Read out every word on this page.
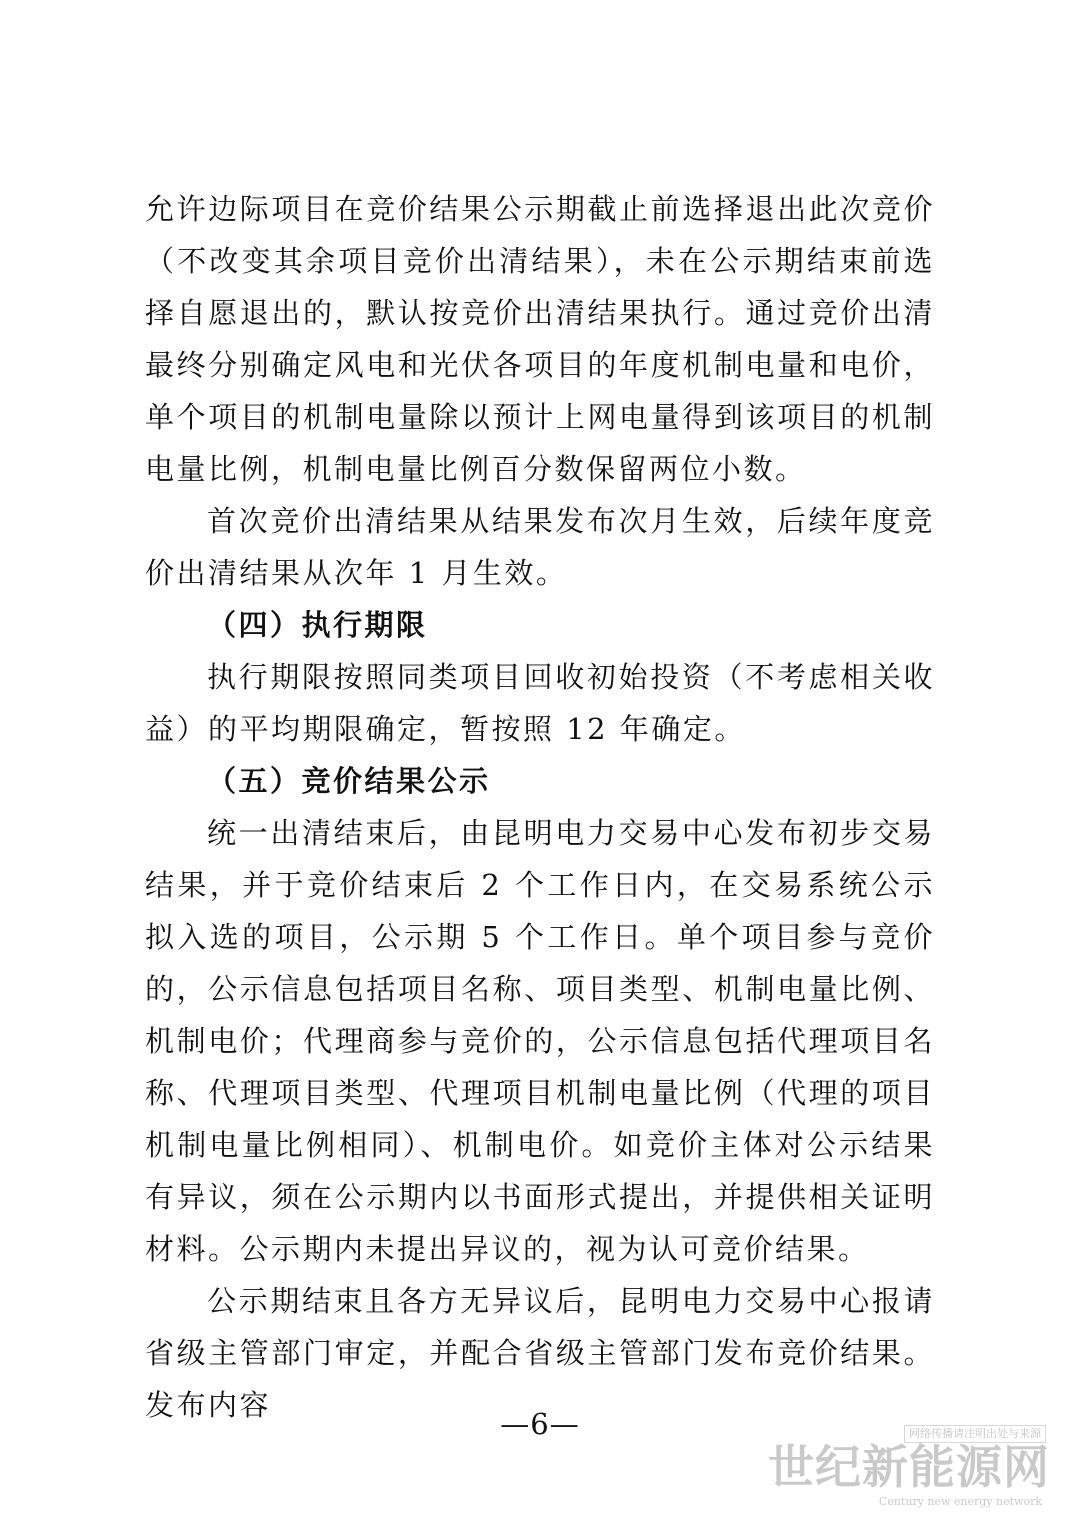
允许边际项目在竞价结果公示期截止前选择退出此次竞价（不改变其余项目竞价出清结果），未在公示期结束前选择自愿退出的，默认按竞价出清结果执行。通过竞价出清最终分别确定风电和光伏各项目的年度机制电量和电价，单个项目的机制电量除以预计上网电量得到该项目的机制电量比例，机制电量比例百分数保留两位小数。

首次竞价出清结果从结果发布次月生效，后续年度竞价出清结果从次年 1 月生效。

（四）执行期限

执行期限按照同类项目回收初始投资（不考虑相关收益）的平均期限确定，暂按照 12 年确定。

（五）竞价结果公示

统一出清结束后，由昆明电力交易中心发布初步交易结果，并于竞价结束后 2 个工作日内，在交易系统公示拟入选的项目，公示期 5 个工作日。单个项目参与竞价的，公示信息包括项目名称、项目类型、机制电量比例、机制电价；代理商参与竞价的，公示信息包括代理项目名称、代理项目类型、代理项目机制电量比例（代理的项目机制电量比例相同）、机制电价。如竞价主体对公示结果有异议，须在公示期内以书面形式提出，并提供相关证明材料。公示期内未提出异议的，视为认可竞价结果。

公示期结束且各方无异议后，昆明电力交易中心报请省级主管部门审定，并配合省级主管部门发布竞价结果。发布内容

—6—	网络传播请注明出处与来源
世纪新能源网
Century new energy network
